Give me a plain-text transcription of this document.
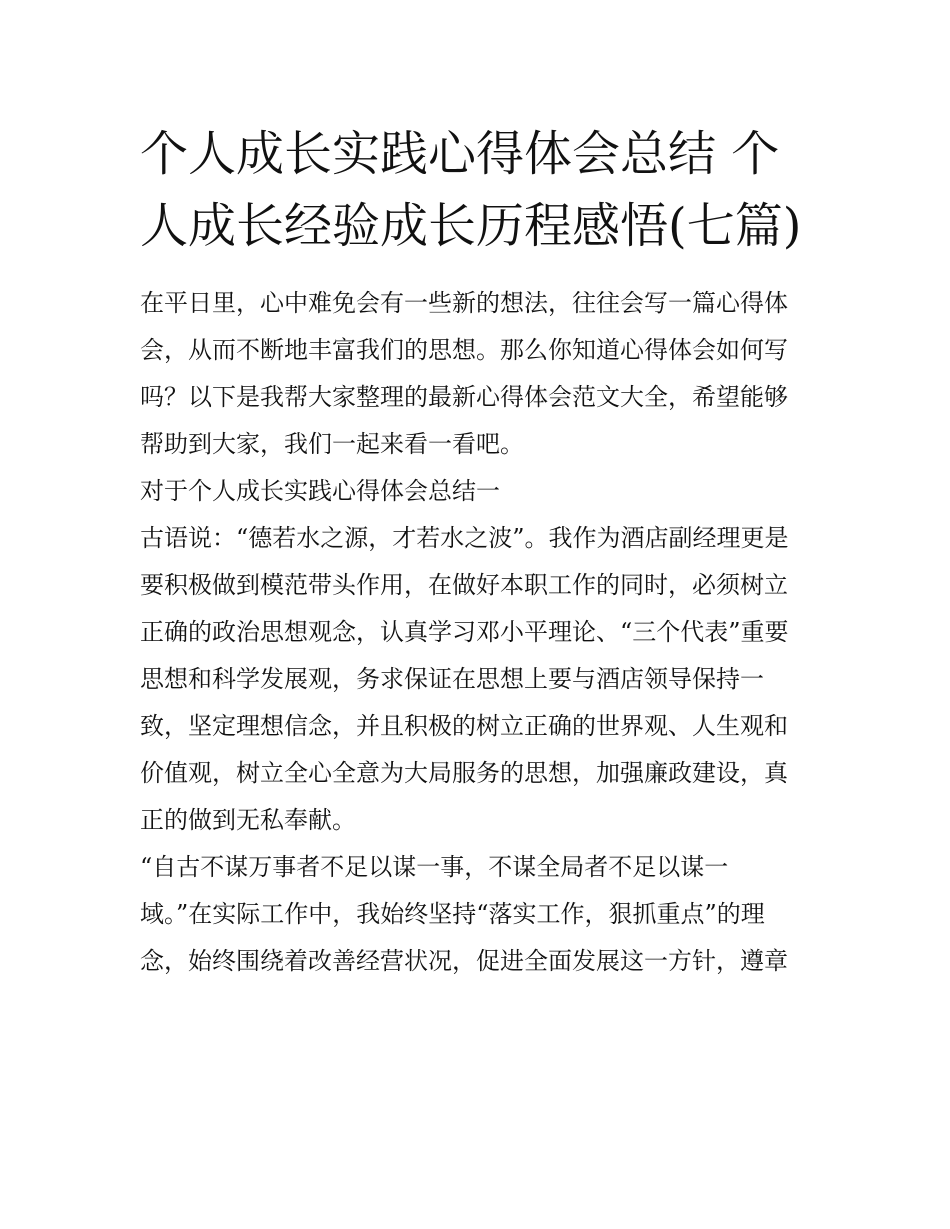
个人成长实践心得体会总结 个人成长经验成长历程感悟(七篇)
在平日里，心中难免会有一些新的想法，往往会写一篇心得体
会，从而不断地丰富我们的思想。那么你知道心得体会如何写
吗？以下是我帮大家整理的最新心得体会范文大全，希望能够
帮助到大家，我们一起来看一看吧。
对于个人成长实践心得体会总结一
古语说：“德若水之源，才若水之波”。我作为酒店副经理更是
要积极做到模范带头作用，在做好本职工作的同时，必须树立
正确的政治思想观念，认真学习邓小平理论、“三个代表”重要
思想和科学发展观，务求保证在思想上要与酒店领导保持一
致，坚定理想信念，并且积极的树立正确的世界观、人生观和
价值观，树立全心全意为大局服务的思想，加强廉政建设，真
正的做到无私奉献。
“自古不谋万事者不足以谋一事，不谋全局者不足以谋一
域。”在实际工作中，我始终坚持“落实工作，狠抓重点”的理
念，始终围绕着改善经营状况，促进全面发展这一方针，遵章
